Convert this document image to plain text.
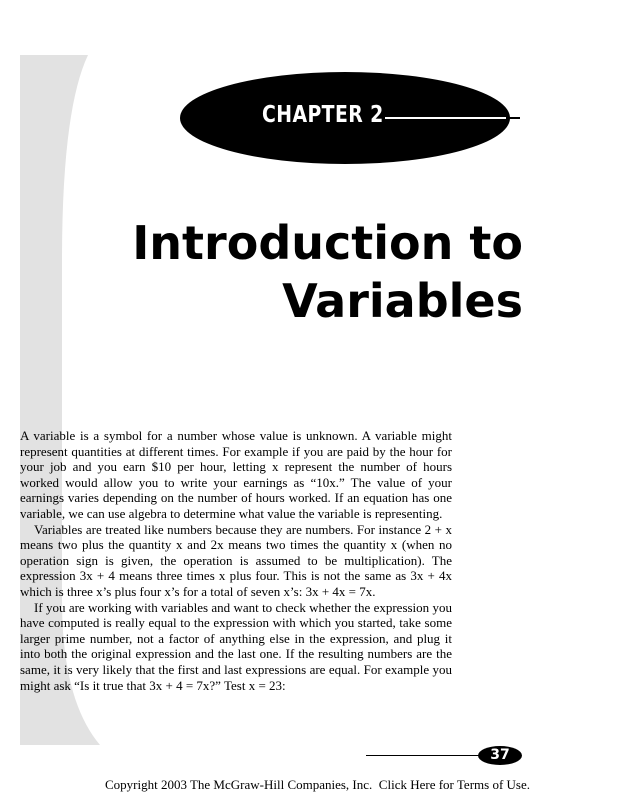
CHAPTER 2
Introduction to
Variables

A variable is a symbol for a number whose value is unknown. A variable might represent quantities at different times. For example if you are paid by the hour for your job and you earn $10 per hour, letting x represent the number of hours worked would allow you to write your earnings as “10x.” The value of your earnings varies depending on the number of hours worked. If an equation has one variable, we can use algebra to determine what value the variable is representing.

Variables are treated like numbers because they are numbers. For instance 2 + x means two plus the quantity x and 2x means two times the quantity x (when no operation sign is given, the operation is assumed to be multiplication). The expression 3x + 4 means three times x plus four. This is not the same as 3x + 4x which is three x’s plus four x’s for a total of seven x’s: 3x + 4x = 7x.

If you are working with variables and want to check whether the expression you have computed is really equal to the expression with which you started, take some larger prime number, not a factor of anything else in the expression, and plug it into both the original expression and the last one. If the resulting numbers are the same, it is very likely that the first and last expressions are equal. For example you might ask “Is it true that 3x + 4 = 7x?” Test x = 23:

37
Copyright 2003 The McGraw-Hill Companies, Inc. Click Here for Terms of Use.
